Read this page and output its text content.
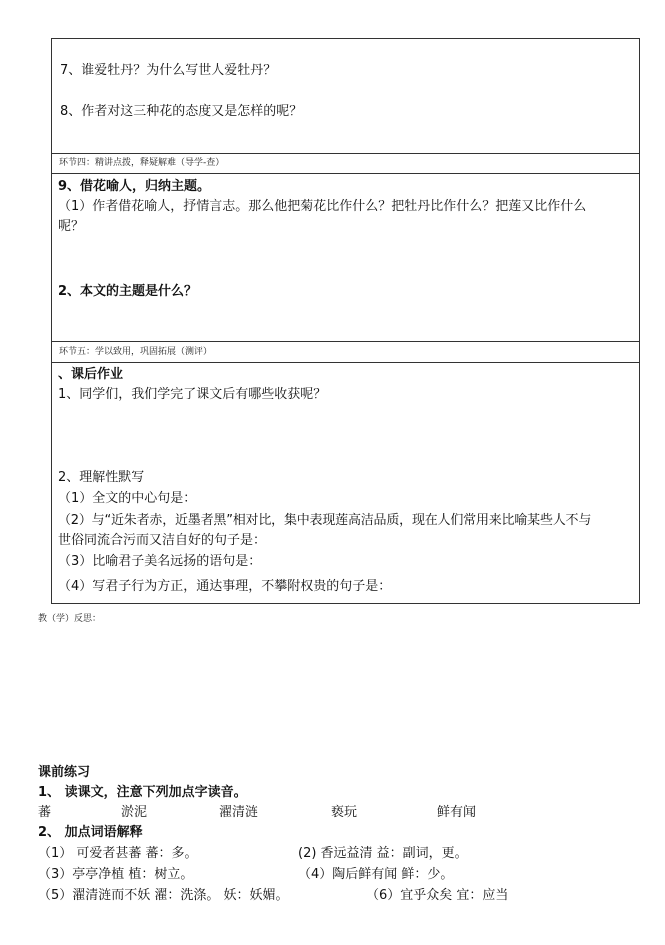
7、谁爱牡丹？为什么写世人爱牡丹？
8、作者对这三种花的态度又是怎样的呢？
环节四：精讲点拨，释疑解难（导学-查）
9、借花喻人，归纳主题。
（1）作者借花喻人，抒情言志。那么他把菊花比作什么？把牡丹比作什么？把莲又比作什么
呢？
2、本文的主题是什么？
环节五：学以致用，巩固拓展（测评）
、课后作业
1、同学们，我们学完了课文后有哪些收获呢？
2、理解性默写
（1）全文的中心句是：
（2）与“近朱者赤，近墨者黑”相对比，集中表现莲高洁品质，现在人们常用来比喻某些人不与
世俗同流合污而又洁自好的句子是：
（3）比喻君子美名远扬的语句是：
（4）写君子行为方正，通达事理，不攀附权贵的句子是：
教（学）反思：
课前练习
1、 读课文，注意下列加点字读音。
蕃	淤泥	濯清涟	亵玩	鲜有闻
2、 加点词语解释
（1） 可爱者甚蕃 蕃：多。	(2) 香远益清 益：副词，更。
（3）亭亭净植 植：树立。	（4）陶后鲜有闻 鲜：少。
（5）濯清涟而不妖 濯：洗涤。 妖：妖媚。	（6）宜乎众矣 宜：应当
